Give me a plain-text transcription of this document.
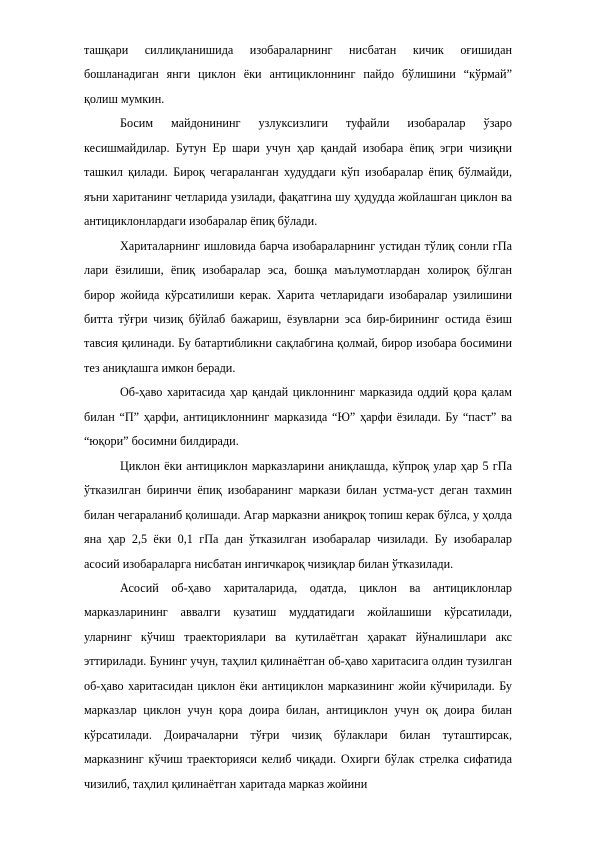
ташқари силлиқланишида изобараларнинг нисбатан кичик оғишидан бошланадиган янги циклон ёки антициклоннинг пайдо бўлишини “кўрмай” қолиш мумкин.

Босим майдонининг узлуксизлиги туфайли изобаралар ўзаро кесишмайдилар. Бутун Ер шари учун ҳар қандай изобара ёпиқ эгри чизиқни ташкил қилади. Бироқ чегараланган худуддаги кўп изобаралар ёпиқ бўлмайди, яъни хаританинг четларида узилади, фақатгина шу ҳудудда жойлашган циклон ва антициклонлардаги изобаралар ёпиқ бўлади.

Хариталарнинг ишловида барча изобараларнинг устидан тўлиқ сонли гПа лари ёзилиши, ёпиқ изобаралар эса, бошқа маълумотлардан холироқ бўлган бирор жойида кўрсатилиши керак. Харита четларидаги изобаралар узилишини битта тўғри чизиқ бўйлаб бажариш, ёзувларни эса бир-бирининг остида ёзиш тавсия қилинади. Бу батартибликни сақлабгина қолмай, бирор изобара босимини тез аниқлашга имкон беради.

Об-ҳаво харитасида ҳар қандай циклоннинг марказида оддий қора қалам билан “П” ҳарфи, антициклоннинг марказида “Ю” ҳарфи ёзилади. Бу “паст” ва “юқори” босимни билдиради.

Циклон ёки антициклон марказларини аниқлашда, кўпроқ улар ҳар 5 гПа ўтказилган биринчи ёпиқ изобаранинг маркази билан устма-уст деган тахмин билан чегараланиб қолишади. Агар марказни аниқроқ топиш керак бўлса, у ҳолда яна ҳар 2,5 ёки 0,1 гПа дан ўтказилган изобаралар чизилади. Бу изобаралар асосий изобараларга нисбатан ингичкароқ чизиқлар билан ўтказилади.

Асосий об-ҳаво хариталарида, одатда, циклон ва антициклонлар марказларининг аввалги кузатиш муддатидаги жойлашиши кўрсатилади, уларнинг кўчиш траекториялари ва кутилаётган ҳаракат йўналишлари акс эттирилади. Бунинг учун, таҳлил қилинаётган об-ҳаво харитасига олдин тузилган об-ҳаво харитасидан циклон ёки антициклон марказининг жойи кўчирилади. Бу марказлар циклон учун қора доира билан, антициклон учун оқ доира билан кўрсатилади. Доирачаларни тўғри чизиқ бўлаклари билан туташтирсак, марказнинг кўчиш траекторияси келиб чиқади. Охирги бўлак стрелка сифатида чизилиб, таҳлил қилинаётган харитада марказ жойини
